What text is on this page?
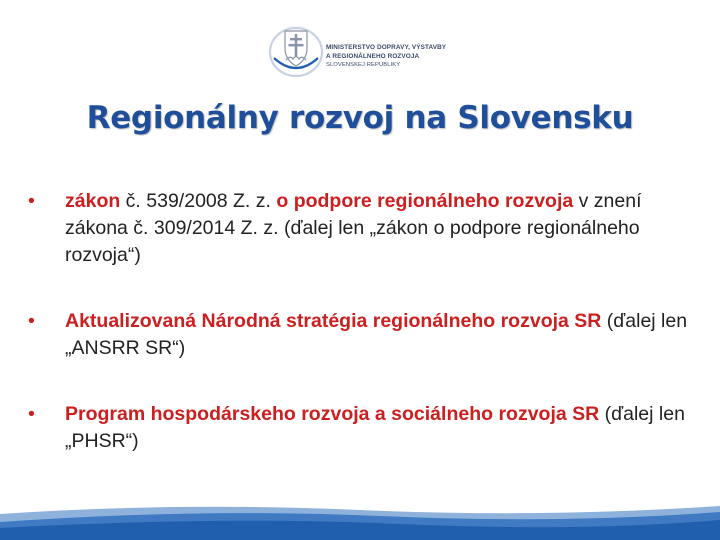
MINISTERSTVO DOPRAVY, VÝSTAVBY
A REGIONÁLNEHO ROZVOJA
SLOVENSKEJ REPUBLIKY
Regionálny rozvoj na Slovensku
• zákon č. 539/2008 Z. z. o podpore regionálneho rozvoja v znení zákona č. 309/2014 Z. z. (ďalej len „zákon o podpore regionálneho rozvoja“)
• Aktualizovaná Národná stratégia regionálneho rozvoja SR (ďalej len „ANSRR SR“)
• Program hospodárskeho rozvoja a sociálneho rozvoja SR (ďalej len „PHSR“)
